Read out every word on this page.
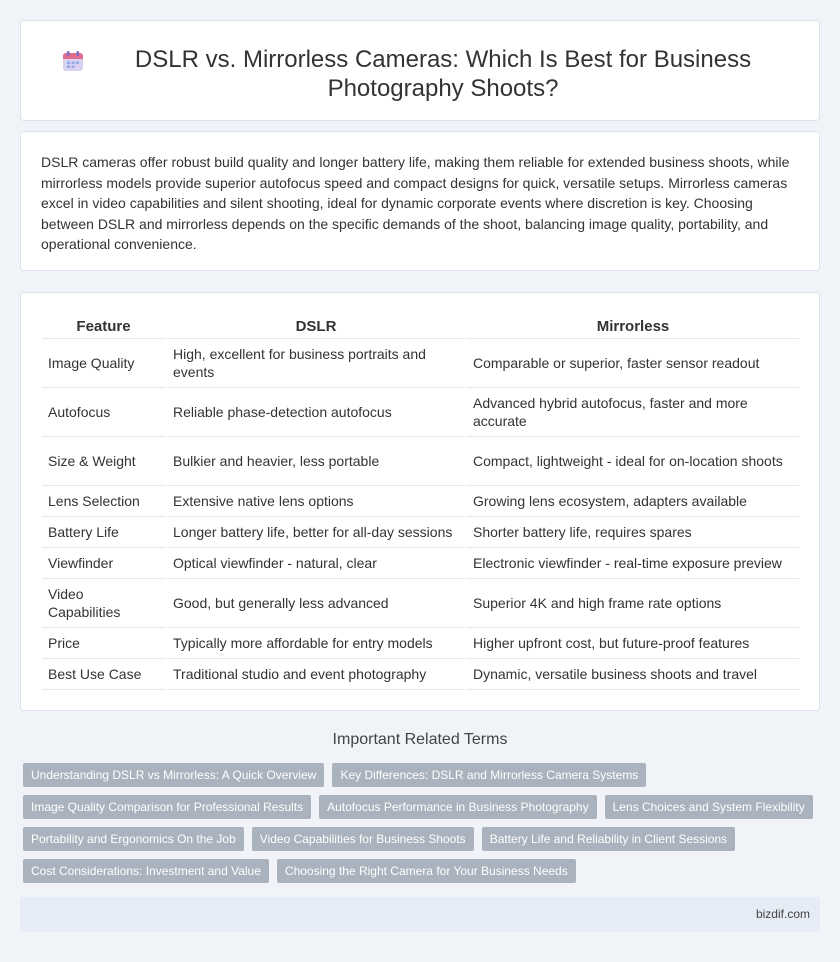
DSLR vs. Mirrorless Cameras: Which Is Best for Business Photography Shoots?

DSLR cameras offer robust build quality and longer battery life, making them reliable for extended business shoots, while mirrorless models provide superior autofocus speed and compact designs for quick, versatile setups. Mirrorless cameras excel in video capabilities and silent shooting, ideal for dynamic corporate events where discretion is key. Choosing between DSLR and mirrorless depends on the specific demands of the shoot, balancing image quality, portability, and operational convenience.

Feature	DSLR	Mirrorless
Image Quality	High, excellent for business portraits and events	Comparable or superior, faster sensor readout
Autofocus	Reliable phase-detection autofocus	Advanced hybrid autofocus, faster and more accurate
Size & Weight	Bulkier and heavier, less portable	Compact, lightweight - ideal for on-location shoots
Lens Selection	Extensive native lens options	Growing lens ecosystem, adapters available
Battery Life	Longer battery life, better for all-day sessions	Shorter battery life, requires spares
Viewfinder	Optical viewfinder - natural, clear	Electronic viewfinder - real-time exposure preview
Video Capabilities	Good, but generally less advanced	Superior 4K and high frame rate options
Price	Typically more affordable for entry models	Higher upfront cost, but future-proof features
Best Use Case	Traditional studio and event photography	Dynamic, versatile business shoots and travel
Important Related Terms
Understanding DSLR vs Mirrorless: A Quick Overview	Key Differences: DSLR and Mirrorless Camera Systems
Image Quality Comparison for Professional Results	Autofocus Performance in Business Photography	Lens Choices and System Flexibility
Portability and Ergonomics On the Job	Video Capabilities for Business Shoots	Battery Life and Reliability in Client Sessions
Cost Considerations: Investment and Value	Choosing the Right Camera for Your Business Needs
bizdif.com
